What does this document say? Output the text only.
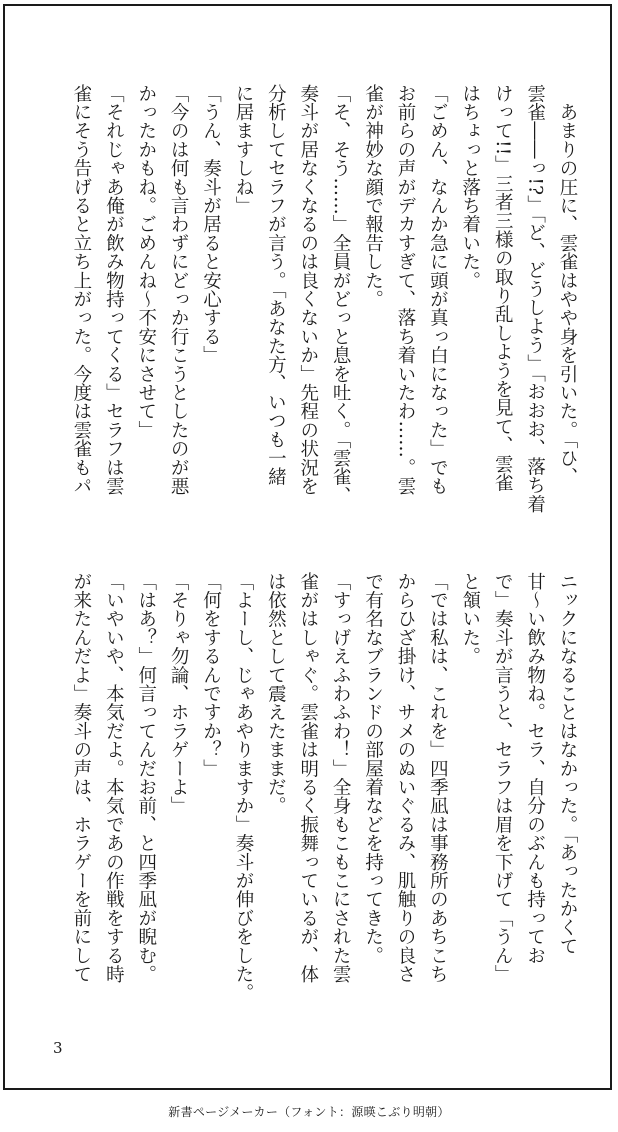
　あまりの圧に、雲雀はやや身を引いた。「ひ、
雲雀――っ!?」「ど、どうしよう」「おおお、落ち着
けって!!」三者三様の取り乱しようを見て、雲雀
はちょっと落ち着いた。
「ごめん、なんか急に頭が真っ白になった」でも
お前らの声がデカすぎて、落ち着いたわ……。雲
雀が神妙な顔で報告した。
「そ、そう……」全員がどっと息を吐く。「雲雀、
奏斗が居なくなるのは良くないか」先程の状況を
分析してセラフが言う。「あなた方、いつも一緒
に居ますしね」
「うん、奏斗が居ると安心する」
「今のは何も言わずにどっか行こうとしたのが悪
かったかもね。ごめんね〜不安にさせて」
「それじゃあ俺が飲み物持ってくる」セラフは雲
雀にそう告げると立ち上がった。今度は雲雀もパ
ニックになることはなかった。「あったかくて
甘〜い飲み物ね。セラ、自分のぶんも持ってお
で」奏斗が言うと、セラフは眉を下げて「うん」
と頷いた。
「では私は、これを」四季凪は事務所のあちこち
からひざ掛け、サメのぬいぐるみ、肌触りの良さ
で有名なブランドの部屋着などを持ってきた。
「すっげえふわふわ！」全身もこもこにされた雲
雀がはしゃぐ。雲雀は明るく振舞っているが、体
は依然として震えたままだ。
「よーし、じゃあやりますか」奏斗が伸びをした。
「何をするんですか？」
「そりゃ勿論、ホラゲーよ」
「はあ？」何言ってんだお前、と四季凪が睨む。
「いやいや、本気だよ。本気であの作戦をする時
が来たんだよ」奏斗の声は、ホラゲーを前にして
3
新書ページメーカー（フォント：源暎こぶり明朝）
